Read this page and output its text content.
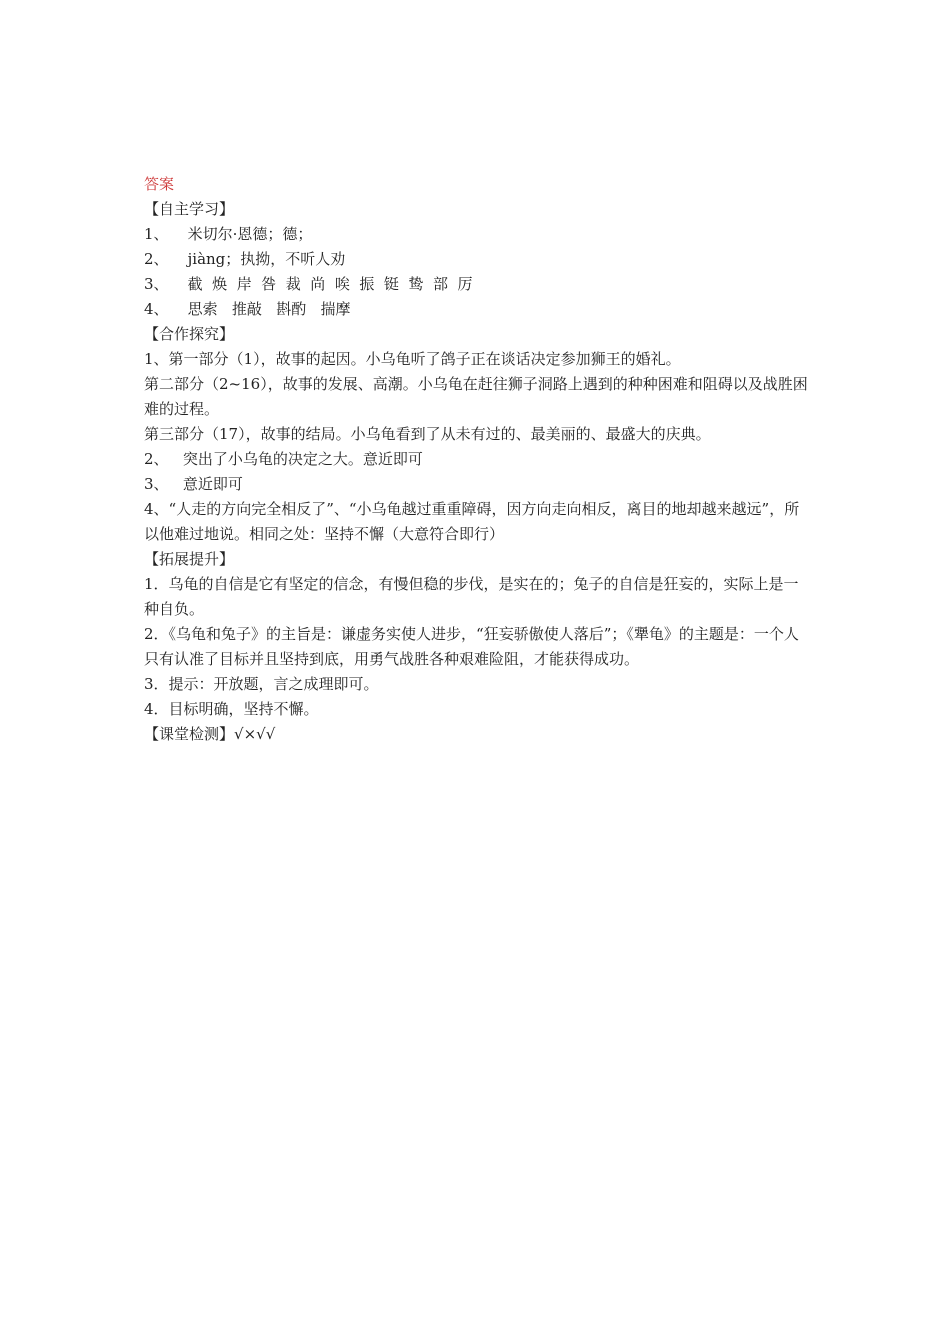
答案

【自主学习】

1、    米切尔·恩德；德；

2、    jiàng；执拗，不听人劝

3、    截  焕  岸  咎  裁  尚  唉  振  铤  鸷  部  厉

4、    思索   推敲   斟酌   揣摩

【合作探究】

1、第一部分（1），故事的起因。小乌龟听了鸽子正在谈话决定参加狮王的婚礼。

第二部分（2~16），故事的发展、高潮。小乌龟在赶往狮子洞路上遇到的种种困难和阻碍以及战胜困难的过程。

第三部分（17），故事的结局。小乌龟看到了从未有过的、最美丽的、最盛大的庆典。

2、   突出了小乌龟的决定之大。意近即可

3、   意近即可

4、“人走的方向完全相反了”、“小乌龟越过重重障碍，因方向走向相反，离目的地却越来越远”，所以他难过地说。相同之处：坚持不懈（大意符合即行）

【拓展提升】

1．乌龟的自信是它有坚定的信念，有慢但稳的步伐，是实在的；兔子的自信是狂妄的，实际上是一种自负。

2．《乌龟和兔子》的主旨是：谦虚务实使人进步，“狂妄骄傲使人落后”；《犟龟》的主题是：一个人只有认准了目标并且坚持到底，用勇气战胜各种艰难险阻，才能获得成功。

3．提示：开放题，言之成理即可。

4．目标明确，坚持不懈。

【课堂检测】√×√√
